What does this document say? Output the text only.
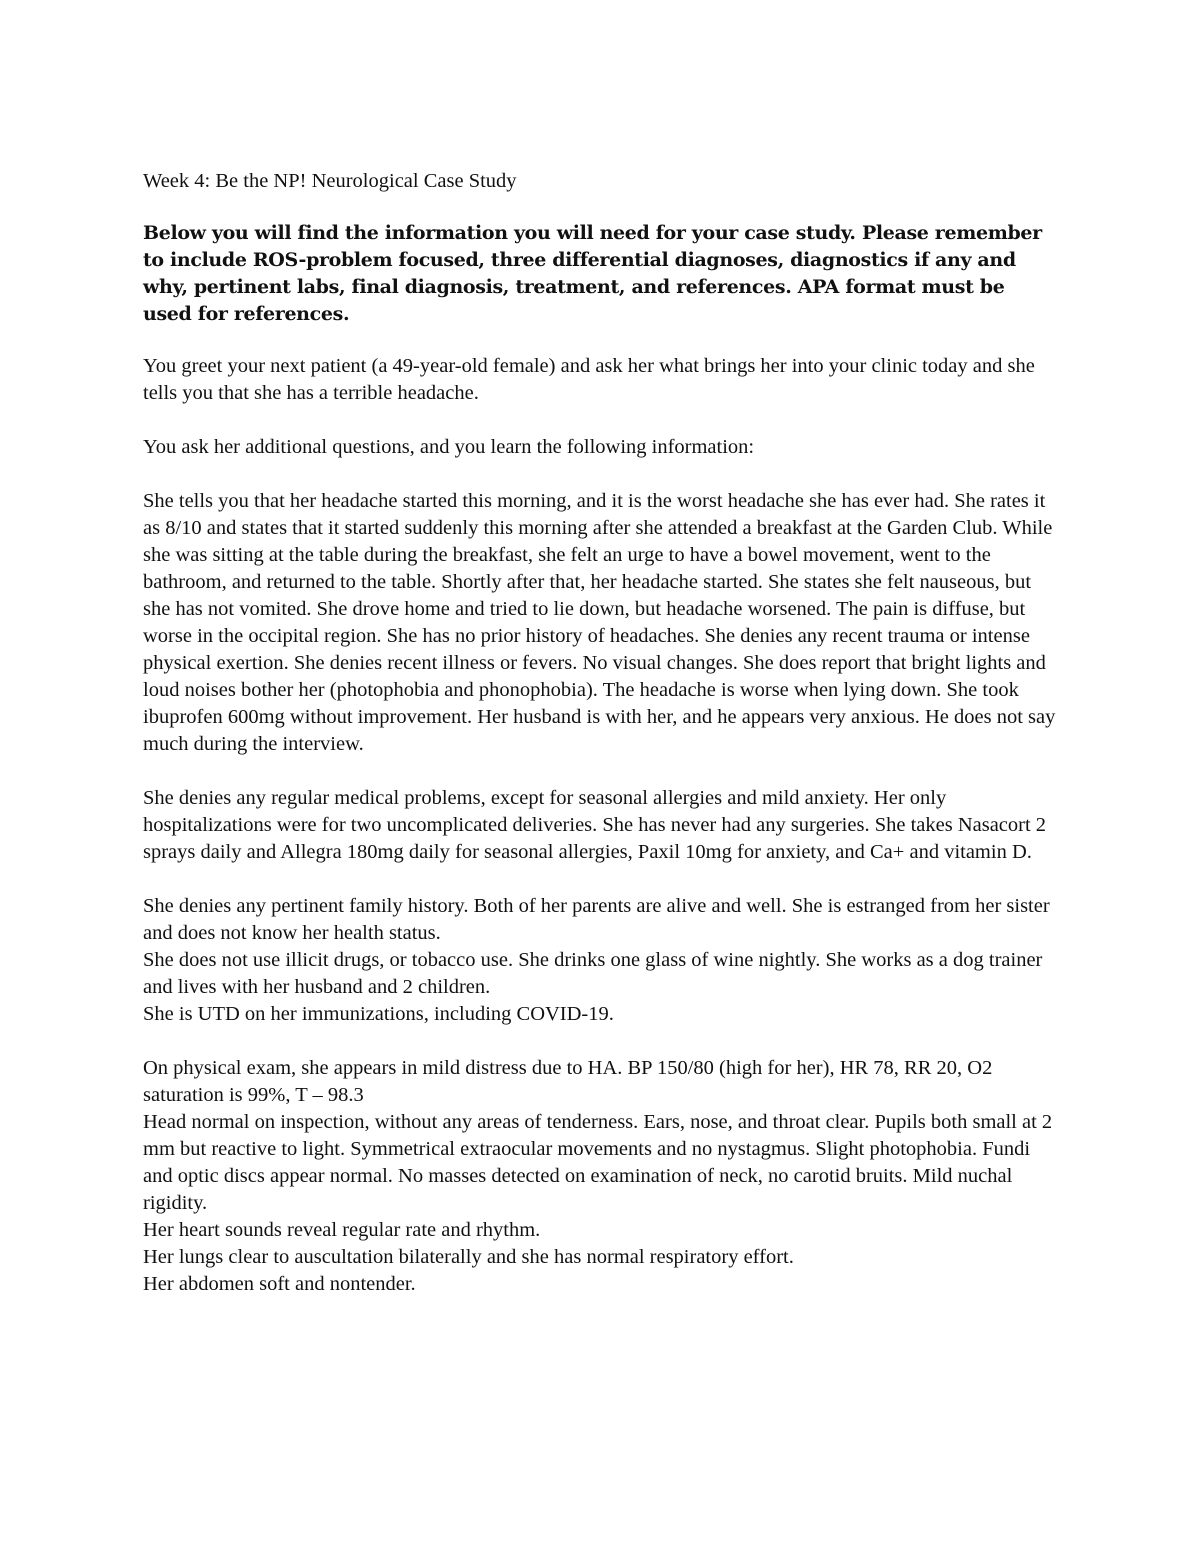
Week 4: Be the NP! Neurological Case Study

Below you will find the information you will need for your case study. Please remember to include ROS-problem focused, three differential diagnoses, diagnostics if any and why, pertinent labs, final diagnosis, treatment, and references. APA format must be used for references.

You greet your next patient (a 49-year-old female) and ask her what brings her into your clinic today and she tells you that she has a terrible headache.

You ask her additional questions, and you learn the following information:

She tells you that her headache started this morning, and it is the worst headache she has ever had. She rates it as 8/10 and states that it started suddenly this morning after she attended a breakfast at the Garden Club. While she was sitting at the table during the breakfast, she felt an urge to have a bowel movement, went to the bathroom, and returned to the table. Shortly after that, her headache started. She states she felt nauseous, but she has not vomited. She drove home and tried to lie down, but headache worsened. The pain is diffuse, but worse in the occipital region. She has no prior history of headaches. She denies any recent trauma or intense physical exertion. She denies recent illness or fevers. No visual changes. She does report that bright lights and loud noises bother her (photophobia and phonophobia). The headache is worse when lying down. She took ibuprofen 600mg without improvement. Her husband is with her, and he appears very anxious. He does not say much during the interview.

She denies any regular medical problems, except for seasonal allergies and mild anxiety. Her only hospitalizations were for two uncomplicated deliveries. She has never had any surgeries. She takes Nasacort 2 sprays daily and Allegra 180mg daily for seasonal allergies, Paxil 10mg for anxiety, and Ca+ and vitamin D.

She denies any pertinent family history. Both of her parents are alive and well. She is estranged from her sister and does not know her health status.

She does not use illicit drugs, or tobacco use. She drinks one glass of wine nightly. She works as a dog trainer and lives with her husband and 2 children.

She is UTD on her immunizations, including COVID-19.

On physical exam, she appears in mild distress due to HA. BP 150/80 (high for her), HR 78, RR 20, O2 saturation is 99%, T – 98.3

Head normal on inspection, without any areas of tenderness. Ears, nose, and throat clear. Pupils both small at 2 mm but reactive to light. Symmetrical extraocular movements and no nystagmus. Slight photophobia. Fundi and optic discs appear normal. No masses detected on examination of neck, no carotid bruits. Mild nuchal rigidity.

Her heart sounds reveal regular rate and rhythm.

Her lungs clear to auscultation bilaterally and she has normal respiratory effort.

Her abdomen soft and nontender.
